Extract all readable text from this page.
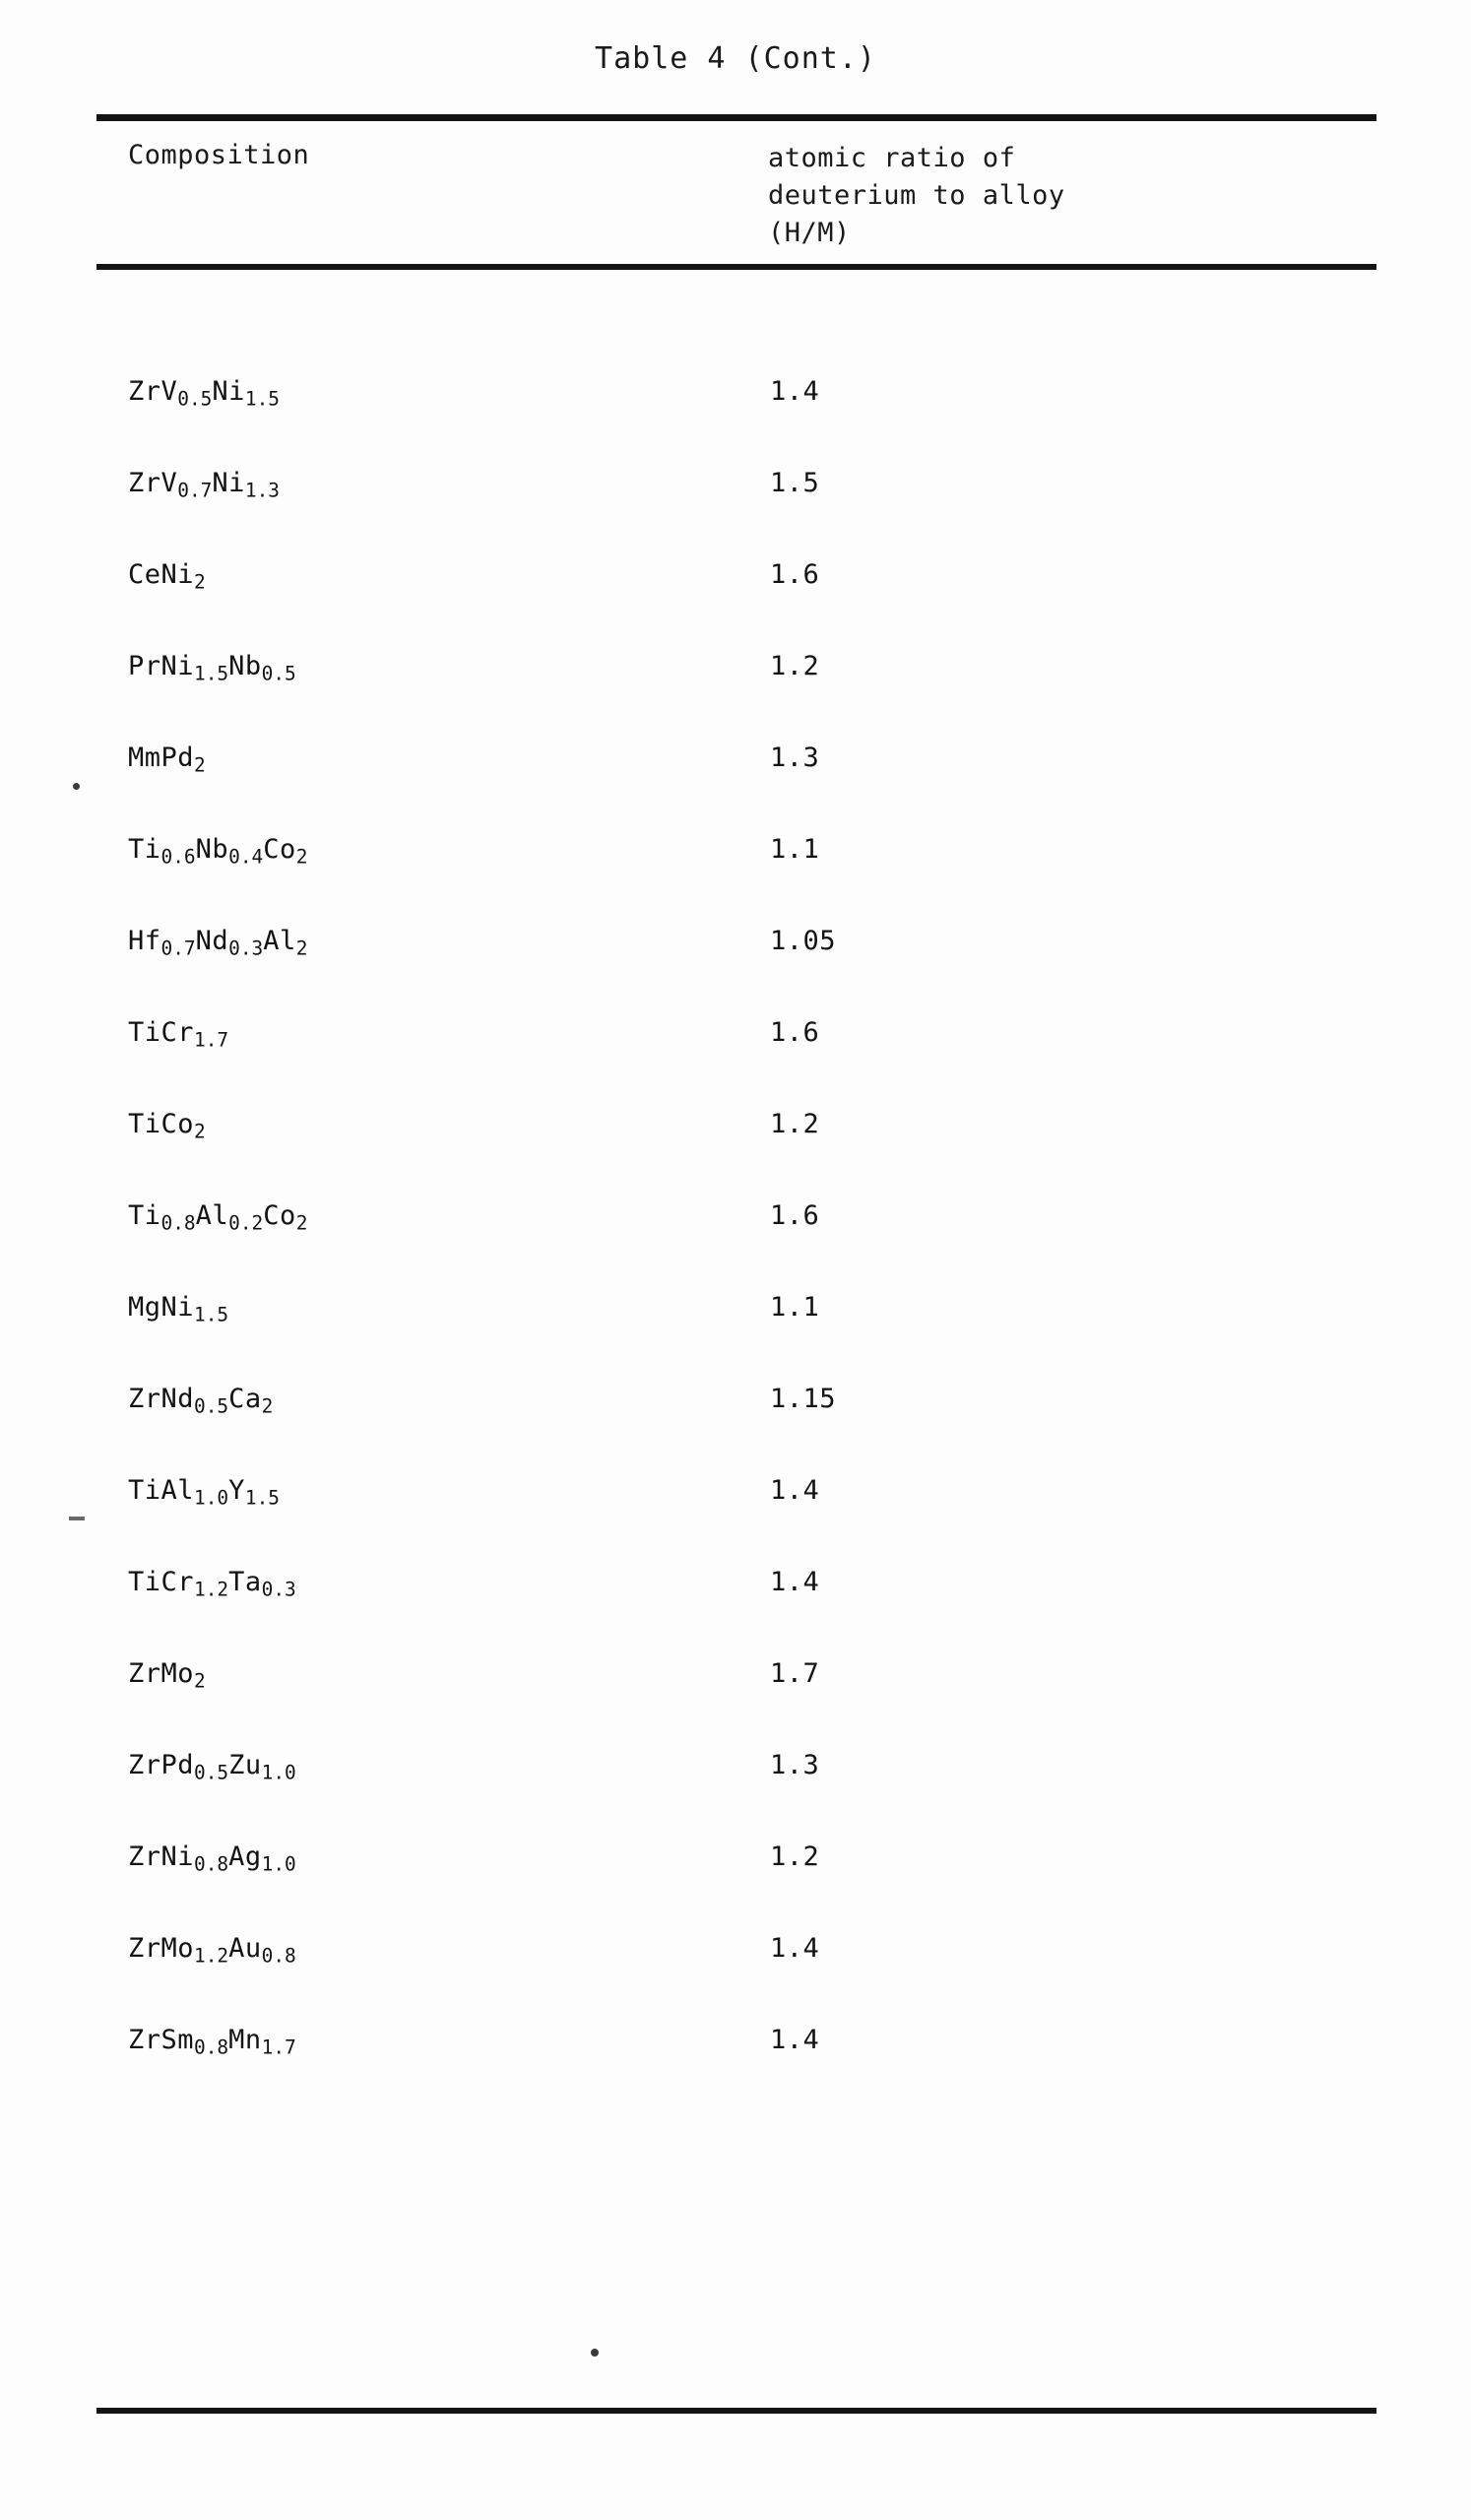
Table 4 (Cont.)
Composition	atomic ratio of
deuterium to alloy
(H/M)
$ZrV_{0.5}Ni_{1.5}$	1.4
$ZrV_{0.7}Ni_{1.3}$	1.5
CeNi$_2$	1.6
$PrNi_{1.5}Nb_{0.5}$	1.2
MmPd$_2$	1.3
$Ti_{0.6}Nb_{0.4}Co_2$	1.1
$Hf_{0.7}Nd_{0.3}Al_2$	1.05
TiCr$_{1.7}$	1.6
TiCo$_2$	1.2
$Ti_{0.8}Al_{0.2}Co_2$	1.6
MgNi$_{1.5}$	1.1
$ZrNd_{0.5}Ca_2$	1.15
$TiAl_{1.0}Y_{1.5}$	1.4
$TiCr_{1.2}Ta_{0.3}$	1.4
ZrMo$_2$	1.7
$ZrPd_{0.5}Zu_{1.0}$	1.3
$ZrNi_{0.8}Ag_{1.0}$	1.2
$ZrMo_{1.2}Au_{0.8}$	1.4
$ZrSm_{0.8}Mn_{1.7}$	1.4
